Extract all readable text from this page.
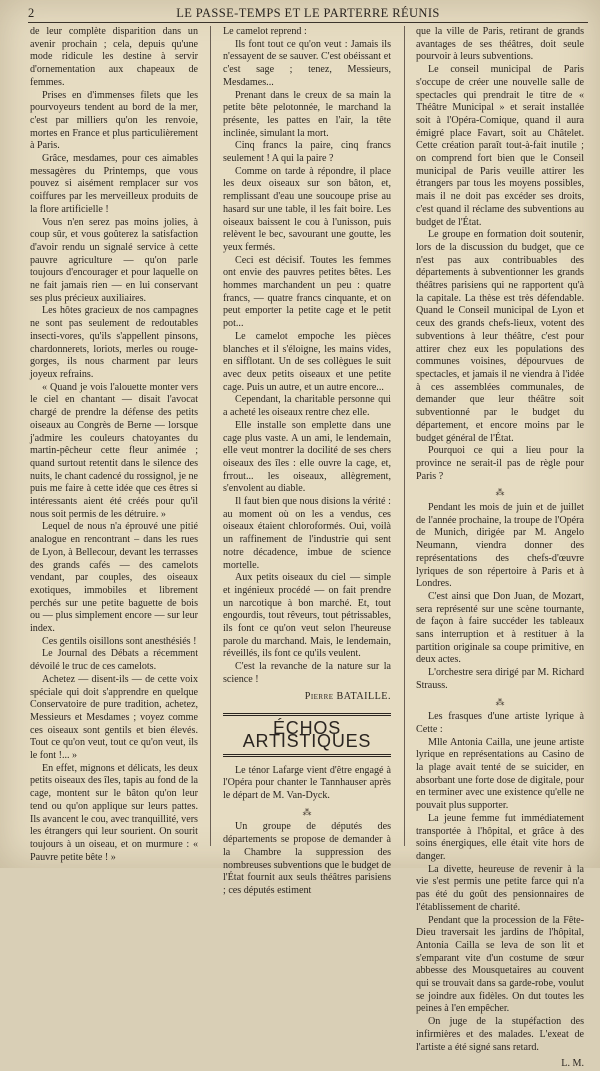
2	LE PASSE-TEMPS ET LE PARTERRE RÉUNIS

de leur complète disparition dans un avenir prochain ; cela, depuis qu'une mode ridicule les destine à servir d'ornementation aux chapeaux de femmes.

Prises en d'immenses filets que les pourvoyeurs tendent au bord de la mer, c'est par milliers qu'on les renvoie, mortes en France et plus particulièrement à Paris.

Grâce, mesdames, pour ces aimables messagères du Printemps, que vous pouvez si aisément remplacer sur vos coiffures par les merveilleux produits de la flore artificielle !

Vous n'en serez pas moins jolies, à coup sûr, et vous goûterez la satisfaction d'avoir rendu un signalé service à cette pauvre agriculture — qu'on parle toujours d'encourager et pour laquelle on ne fait jamais rien — en lui conservant ses plus précieux auxiliaires.

Les hôtes gracieux de nos campagnes ne sont pas seulement de redoutables insecti-vores, qu'ils s'appellent pinsons, chardonnerets, loriots, merles ou rouge-gorges, ils nous charment par leurs joyeux refrains.

« Quand je vois l'alouette monter vers le ciel en chantant — disait l'avocat chargé de prendre la défense des petits oiseaux au Congrès de Berne — lorsque j'admire les couleurs chatoyantes du martin-pêcheur cette fleur animée ; quand surtout retentit dans le silence des nuits, le chant cadencé du rossignol, je ne puis me faire à cette idée que ces êtres si intéressants aient été créés pour qu'il nous soit permis de les détruire. »

Lequel de nous n'a éprouvé une pitié analogue en rencontrant – dans les rues de Lyon, à Bellecour, devant les terrasses des grands cafés — des camelots vendant, par couples, des oiseaux exotiques, immobiles et librement perchés sur une petite baguette de bois ou — plus simplement encore — sur leur index.

Ces gentils oisillons sont anesthésiés !

Le Journal des Débats a récemment dévoilé le truc de ces camelots.

Achetez — disent-ils — de cette voix spéciale qui doit s'apprendre en quelque Conservatoire de pure tradition, achetez, Messieurs et Mesdames ; voyez comme ces oiseaux sont gentils et bien élevés. Tout ce qu'on veut, tout ce qu'on veut, ils le font !... »

En effet, mignons et délicats, les deux petits oiseaux des îles, tapis au fond de la cage, montent sur le bâton qu'on leur tend ou qu'on applique sur leurs pattes. Ils avancent le cou, avec tranquillité, vers les étrangers qui leur sourient. On sourit toujours à un oiseau, et on murmure : « Pauvre petite bête ! »

Le camelot reprend :

Ils font tout ce qu'on veut : Jamais ils n'essayent de se sauver. C'est obéissant et c'est sage ; tenez, Messieurs, Mesdames...

Prenant dans le creux de sa main la petite bête pelotonnée, le marchand la présente, les pattes en l'air, la tête inclinée, simulant la mort.

Cinq francs la paire, cinq francs seulement ! A qui la paire ?

Comme on tarde à répondre, il place les deux oiseaux sur son bâton, et, remplissant d'eau une soucoupe prise au hasard sur une table, il les fait boire. Les oiseaux baissent le cou à l'unisson, puis relèvent le bec, savourant une goutte, les yeux fermés.

Ceci est décisif. Toutes les femmes ont envie des pauvres petites bêtes. Les hommes marchandent un peu : quatre francs, — quatre francs cinquante, et on peut emporter la petite cage et le petit pot...

Le camelot empoche les pièces blanches et il s'éloigne, les mains vides, en sifflotant. Un de ses collègues le suit avec deux petits oiseaux et une petite cage. Puis un autre, et un autre encore...

Cependant, la charitable personne qui a acheté les oiseaux rentre chez elle.

Elle installe son emplette dans une cage plus vaste. A un ami, le lendemain, elle veut montrer la docilité de ses chers oiseaux des îles : elle ouvre la cage, et, frrout... les oiseaux, allègrement, s'envolent au diable.

Il faut bien que nous disions la vérité : au moment où on les a vendus, ces oiseaux étaient chloroformés. Oui, voilà un raffinement de l'industrie qui sent notre décadence, imbue de science mortelle.

Aux petits oiseaux du ciel — simple et ingénieux procédé — on fait prendre un narcotique à bon marché. Et, tout engourdis, tout rêveurs, tout pétrissables, ils font ce qu'on veut selon l'heureuse parole du marchand. Mais, le lendemain, réveillés, ils font ce qu'ils veulent.

C'est la revanche de la nature sur la science !

Pierre BATAILLE.
ÉCHOS ARTISTIQUES

Le ténor Lafarge vient d'être engagé à l'Opéra pour chanter le Tannhauser après le départ de M. Van-Dyck.

⁂

Un groupe de députés des départements se propose de demander à la Chambre la suppression des nombreuses subventions que le budget de l'État fournit aux seuls théâtres parisiens ; ces députés estiment

que la ville de Paris, retirant de grands avantages de ses théâtres, doit seule pourvoir à leurs subventions.

Le conseil municipal de Paris s'occupe de créer une nouvelle salle de spectacles qui prendrait le titre de « Théâtre Municipal » et serait installée soit à l'Opéra-Comique, quand il aura émigré place Favart, soit au Châtelet. Cette création paraît tout-à-fait inutile ; on comprend fort bien que le Conseil municipal de Paris veuille attirer les étrangers par tous les moyens possibles, mais il ne doit pas excéder ses droits, c'est quand il réclame des subventions au budget de l'État.

Le groupe en formation doit soutenir, lors de la discussion du budget, que ce n'est pas aux contribuables des départements à subventionner les grands théâtres parisiens qui ne rapportent qu'à la capitale. La thèse est très défendable. Quand le Conseil municipal de Lyon et ceux des grands chefs-lieux, votent des subventions à leur théâtre, c'est pour attirer chez eux les populations des communes voisines, dépourvues de spectacles, et jamais il ne viendra à l'idée à ces assemblées communales, de demander que leur théâtre soit subventionné par le budget du département, et encore moins par le budget général de l'État.

Pourquoi ce qui a lieu pour la province ne serait-il pas de règle pour Paris ?

⁂

Pendant les mois de juin et de juillet de l'année prochaine, la troupe de l'Opéra de Munich, dirigée par M. Angelo Neumann, viendra donner des représentations des chefs-d'œuvre lyriques de son répertoire à Paris et à Londres.

C'est ainsi que Don Juan, de Mozart, sera représenté sur une scène tournante, de façon à faire succéder les tableaux sans interruption et à restituer à la partition originale sa coupe primitive, en deux actes.

L'orchestre sera dirigé par M. Richard Strauss.

⁂

Les frasques d'une artiste lyrique à Cette :

Mlle Antonia Cailla, une jeune artiste lyrique en représentations au Casino de la plage avait tenté de se suicider, en absorbant une forte dose de digitale, pour en terminer avec une existence qu'elle ne pouvait plus supporter.

La jeune femme fut immédiatement transportée à l'hôpital, et grâce à des soins énergiques, elle était vite hors de danger.

La divette, heureuse de revenir à la vie s'est permis une petite farce qui n'a pas été du goût des pensionnaires de l'établissement de charité.

Pendant que la procession de la Fête-Dieu traversait les jardins de l'hôpital, Antonia Cailla se leva de son lit et s'emparant vite d'un costume de sœur abbesse des Mousquetaires au couvent qui se trouvait dans sa garde-robe, voulut se joindre aux fidèles. On dut toutes les peines à l'en empêcher.

On juge de la stupéfaction des infirmières et des malades. L'exeat de l'artiste a été signé sans retard.

L. M.
